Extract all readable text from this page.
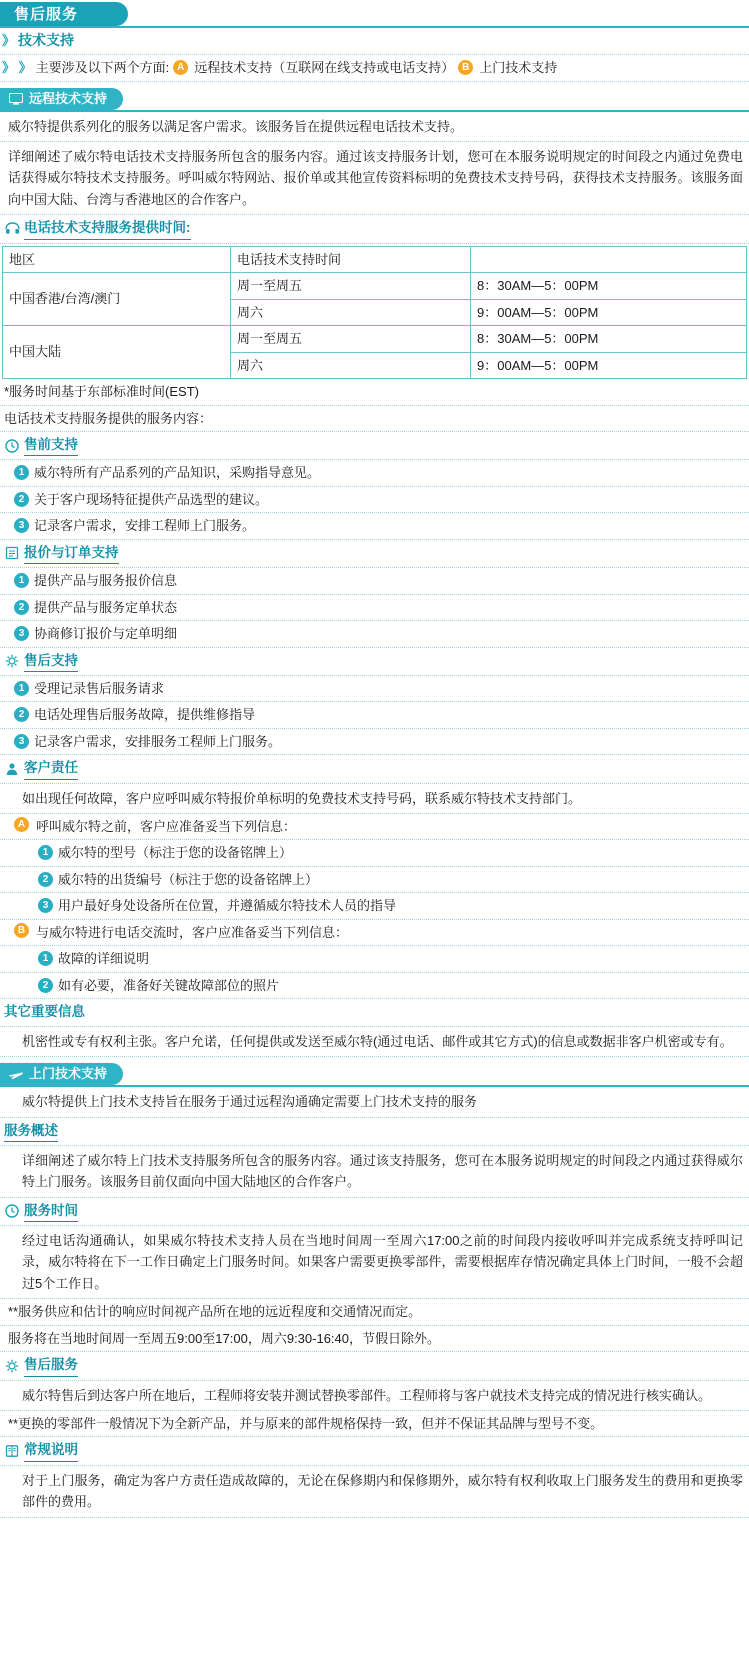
售后服务
》 技术支持
》 》 主要涉及以下两个方面: A 远程技术支持（互联网在线支持或电话支持） B 上门技术支持
远程技术支持
威尔特提供系列化的服务以满足客户需求。该服务旨在提供远程电话技术支持。
详细阐述了威尔特电话技术支持服务所包含的服务内容。通过该支持服务计划，您可在本服务说明规定的时间段之内通过免费电话获得威尔特技术支持服务。呼叫威尔特网站、报价单或其他宣传资料标明的免费技术支持号码，获得技术支持服务。该服务面向中国大陆、台湾与香港地区的合作客户。
电话技术支持服务提供时间:
地区	电话技术支持时间	
中国香港/台湾/澳门	周一至周五	8：30AM—5：00PM
	周六	9：00AM—5：00PM
中国大陆	周一至周五	8：30AM—5：00PM
	周六	9：00AM—5：00PM
*服务时间基于东部标准时间(EST)
电话技术支持服务提供的服务内容：
售前支持
1 威尔特所有产品系列的产品知识，采购指导意见。
2 关于客户现场特征提供产品选型的建议。
3 记录客户需求，安排工程师上门服务。
报价与订单支持
1 提供产品与服务报价信息
2 提供产品与服务定单状态
3 协商修订报价与定单明细
售后支持
1 受理记录售后服务请求
2 电话处理售后服务故障，提供维修指导
3 记录客户需求，安排服务工程师上门服务。
客户责任
如出现任何故障，客户应呼叫威尔特报价单标明的免费技术支持号码，联系威尔特技术支持部门。
A 呼叫威尔特之前，客户应准备妥当下列信息：
1 威尔特的型号（标注于您的设备铭牌上）
2 威尔特的出货编号（标注于您的设备铭牌上）
3 用户最好身处设备所在位置，并遵循威尔特技术人员的指导
B 与威尔特进行电话交流时，客户应准备妥当下列信息：
1 故障的详细说明
2 如有必要，准备好关键故障部位的照片
其它重要信息
机密性或专有权利主张。客户允诺，任何提供或发送至威尔特(通过电话、邮件或其它方式)的信息或数据非客户机密或专有。
上门技术支持
威尔特提供上门技术支持旨在服务于通过远程沟通确定需要上门技术支持的服务
服务概述
详细阐述了威尔特上门技术支持服务所包含的服务内容。通过该支持服务，您可在本服务说明规定的时间段之内通过获得威尔特上门服务。该服务目前仅面向中国大陆地区的合作客户。
服务时间
经过电话沟通确认，如果威尔特技术支持人员在当地时间周一至周六17:00之前的时间段内接收呼叫并完成系统支持呼叫记录，威尔特将在下一工作日确定上门服务时间。如果客户需要更换零部件，需要根据库存情况确定具体上门时间，一般不会超过5个工作日。
**服务供应和估计的响应时间视产品所在地的远近程度和交通情况而定。
服务将在当地时间周一至周五9:00至17:00，周六9:30-16:40，节假日除外。
售后服务
威尔特售后到达客户所在地后，工程师将安装并测试替换零部件。工程师将与客户就技术支持完成的情况进行核实确认。
**更换的零部件一般情况下为全新产品，并与原来的部件规格保持一致，但并不保证其品牌与型号不变。
常规说明
对于上门服务，确定为客户方责任造成故障的，无论在保修期内和保修期外，威尔特有权利收取上门服务发生的费用和更换零部件的费用。
